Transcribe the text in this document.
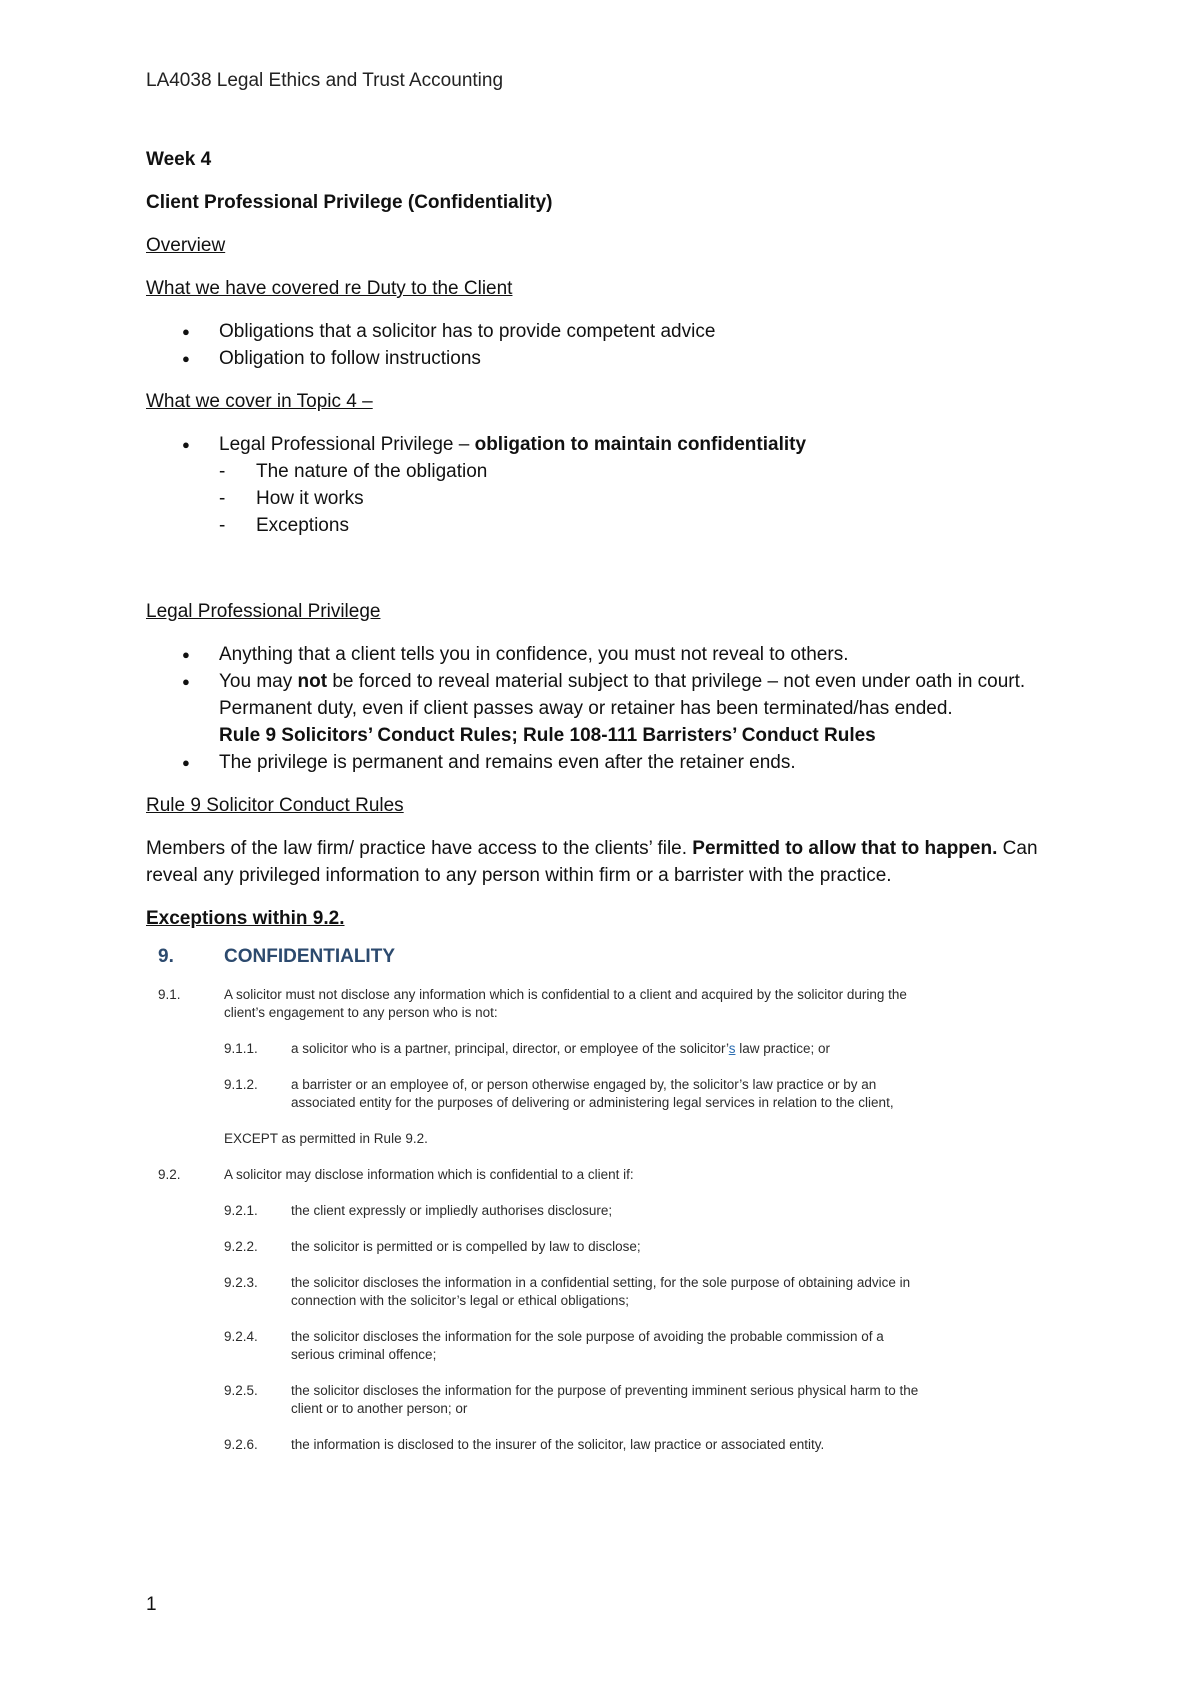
LA4038 Legal Ethics and Trust Accounting

Week 4

Client Professional Privilege (Confidentiality)

Overview

What we have covered re Duty to the Client

● Obligations that a solicitor has to provide competent advice
● Obligation to follow instructions

What we cover in Topic 4 –

● Legal Professional Privilege – obligation to maintain confidentiality
- The nature of the obligation
- How it works
- Exceptions

Legal Professional Privilege

● Anything that a client tells you in confidence, you must not reveal to others.
● You may not be forced to reveal material subject to that privilege – not even under oath in court. Permanent duty, even if client passes away or retainer has been terminated/has ended.
Rule 9 Solicitors’ Conduct Rules; Rule 108-111 Barristers’ Conduct Rules
● The privilege is permanent and remains even after the retainer ends.

Rule 9 Solicitor Conduct Rules

Members of the law firm/ practice have access to the clients’ file. Permitted to allow that to happen. Can reveal any privileged information to any person within firm or a barrister with the practice.

Exceptions within 9.2.

9.	CONFIDENTIALITY
9.1.	A solicitor must not disclose any information which is confidential to a client and acquired by the solicitor during the client’s engagement to any person who is not:
9.1.1.	a solicitor who is a partner, principal, director, or employee of the solicitor’s law practice; or
9.1.2.	a barrister or an employee of, or person otherwise engaged by, the solicitor’s law practice or by an associated entity for the purposes of delivering or administering legal services in relation to the client,
EXCEPT as permitted in Rule 9.2.
9.2.	A solicitor may disclose information which is confidential to a client if:
9.2.1.	the client expressly or impliedly authorises disclosure;
9.2.2.	the solicitor is permitted or is compelled by law to disclose;
9.2.3.	the solicitor discloses the information in a confidential setting, for the sole purpose of obtaining advice in connection with the solicitor’s legal or ethical obligations;
9.2.4.	the solicitor discloses the information for the sole purpose of avoiding the probable commission of a serious criminal offence;
9.2.5.	the solicitor discloses the information for the purpose of preventing imminent serious physical harm to the client or to another person; or
9.2.6.	the information is disclosed to the insurer of the solicitor, law practice or associated entity.
1
